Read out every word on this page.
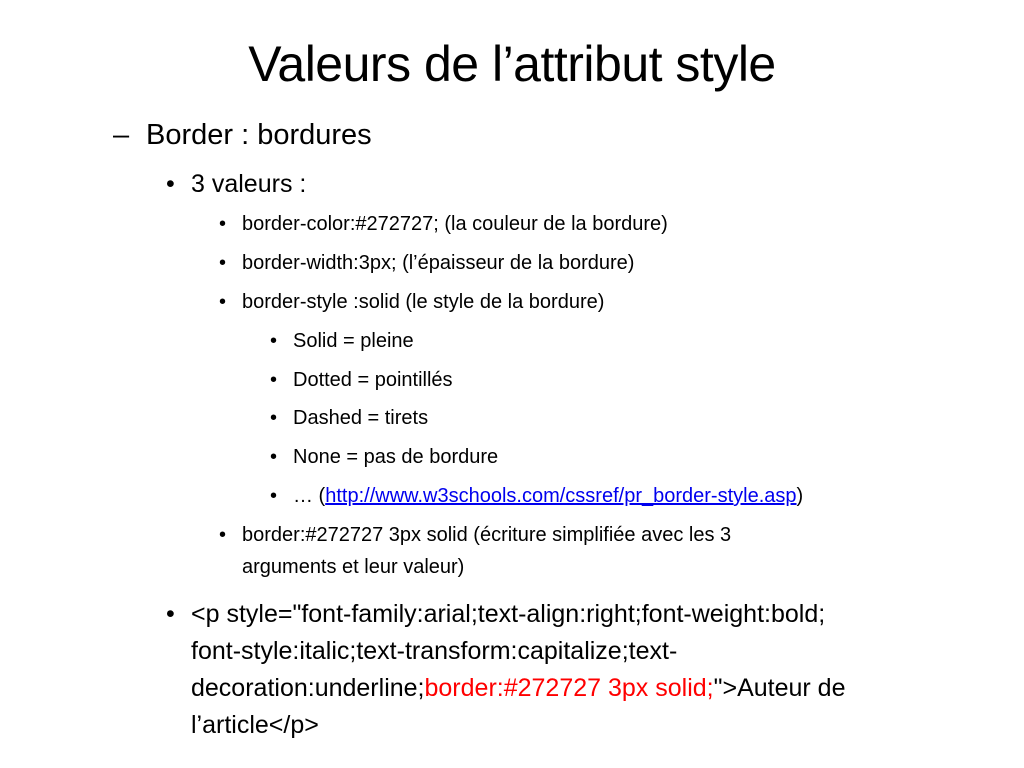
Valeurs de l’attribut style
– Border : bordures
• 3 valeurs :
• border-color:#272727; (la couleur de la bordure)
• border-width:3px; (l’épaisseur de la bordure)
• border-style :solid (le style de la bordure)
• Solid = pleine
• Dotted = pointillés
• Dashed = tirets
• None = pas de bordure
• … (http://www.w3schools.com/cssref/pr_border-style.asp)
• border:#272727 3px solid (écriture simplifiée avec les 3
arguments et leur valeur)
• <p style="font-family:arial;text-align:right;font-weight:bold;
font-style:italic;text-transform:capitalize;text-
decoration:underline;border:#272727 3px solid;">Auteur de
l’article</p>
